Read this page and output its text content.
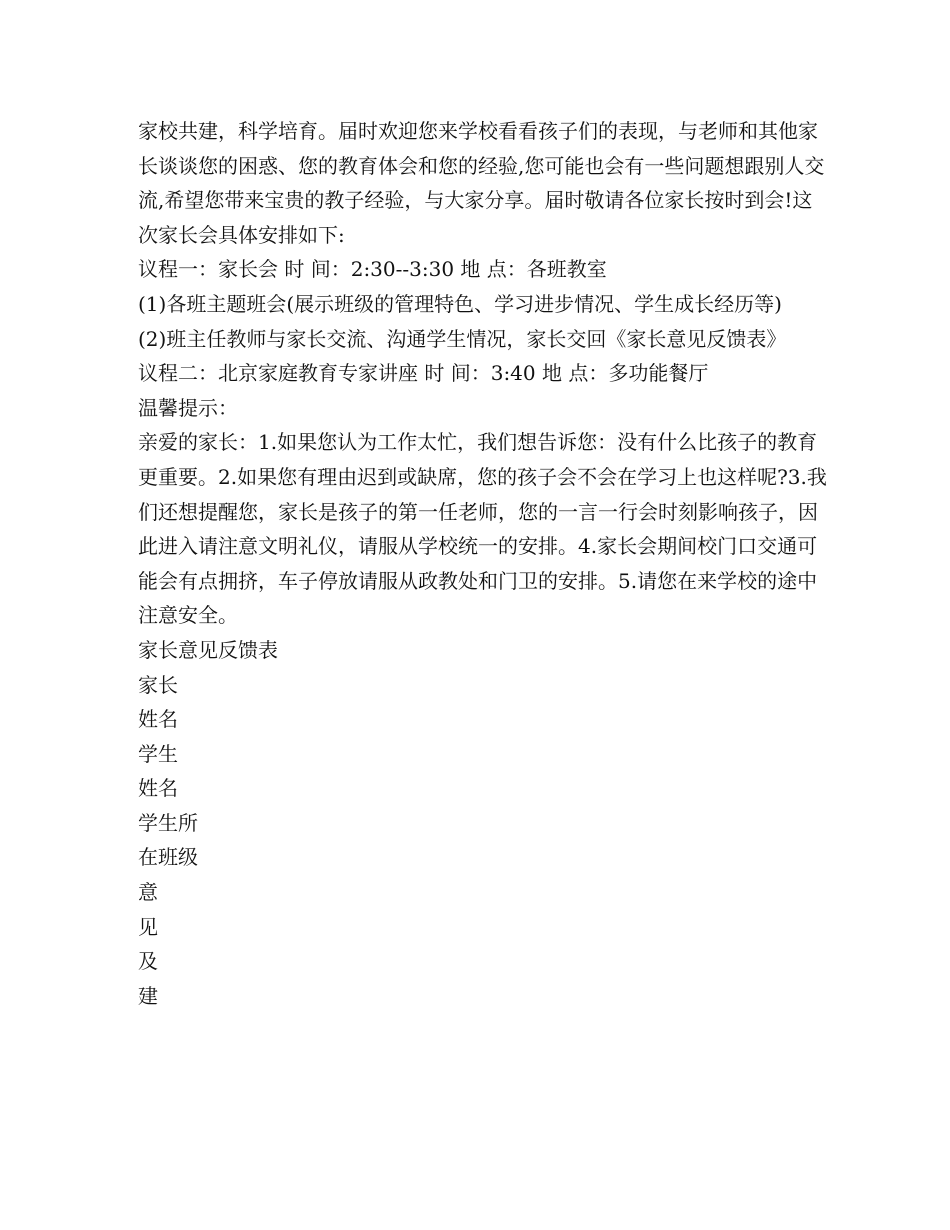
家校共建，科学培育。届时欢迎您来学校看看孩子们的表现，与老师和其他家长谈谈您的困惑、您的教育体会和您的经验,您可能也会有一些问题想跟别人交流,希望您带来宝贵的教子经验，与大家分享。届时敬请各位家长按时到会!这次家长会具体安排如下:

议程一：家长会 时 间：2:30--3:30 地 点：各班教室

(1)各班主题班会(展示班级的管理特色、学习进步情况、学生成长经历等)

(2)班主任教师与家长交流、沟通学生情况，家长交回《家长意见反馈表》

议程二：北京家庭教育专家讲座 时 间：3:40 地 点：多功能餐厅

温馨提示：

亲爱的家长：1.如果您认为工作太忙，我们想告诉您：没有什么比孩子的教育更重要。2.如果您有理由迟到或缺席，您的孩子会不会在学习上也这样呢?3.我们还想提醒您，家长是孩子的第一任老师，您的一言一行会时刻影响孩子，因此进入请注意文明礼仪，请服从学校统一的安排。4.家长会期间校门口交通可能会有点拥挤，车子停放请服从政教处和门卫的安排。5.请您在来学校的途中注意安全。

家长意见反馈表

家长
姓名
学生
姓名
学生所
在班级
意
见
及
建
